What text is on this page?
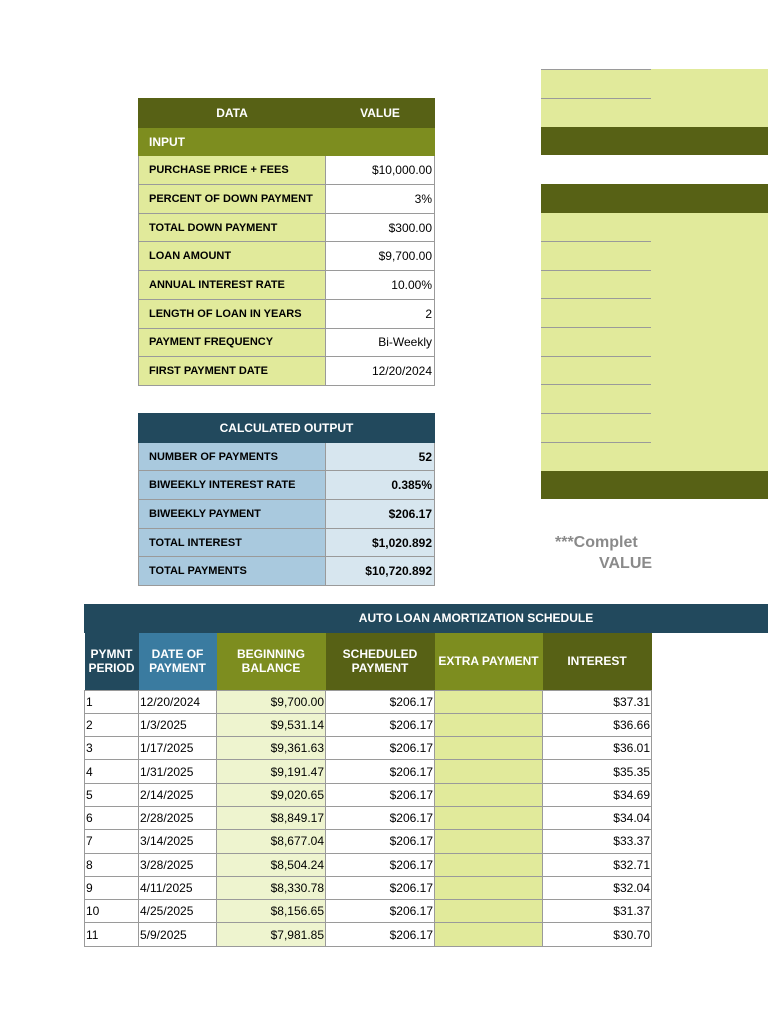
DATA	VALUE
INPUT	
PURCHASE PRICE + FEES	$10,000.00
PERCENT OF DOWN PAYMENT	3%
TOTAL DOWN PAYMENT	$300.00
LOAN AMOUNT	$9,700.00
ANNUAL INTEREST RATE	10.00%
LENGTH OF LOAN IN YEARS	2
PAYMENT FREQUENCY	Bi-Weekly
FIRST PAYMENT DATE	12/20/2024
CALCULATED OUTPUT	
NUMBER OF PAYMENTS	52
BIWEEKLY INTEREST RATE	0.385%
BIWEEKLY PAYMENT	$206.17
TOTAL INTEREST	$1,020.892
TOTAL PAYMENTS	$10,720.892
***Complet
VALUE
AUTO LOAN AMORTIZATION SCHEDULE
PYMNT PERIOD	DATE OF PAYMENT	BEGINNING BALANCE	SCHEDULED PAYMENT	EXTRA PAYMENT	INTEREST
1	12/20/2024	$9,700.00	$206.17		$37.31
2	1/3/2025	$9,531.14	$206.17		$36.66
3	1/17/2025	$9,361.63	$206.17		$36.01
4	1/31/2025	$9,191.47	$206.17		$35.35
5	2/14/2025	$9,020.65	$206.17		$34.69
6	2/28/2025	$8,849.17	$206.17		$34.04
7	3/14/2025	$8,677.04	$206.17		$33.37
8	3/28/2025	$8,504.24	$206.17		$32.71
9	4/11/2025	$8,330.78	$206.17		$32.04
10	4/25/2025	$8,156.65	$206.17		$31.37
11	5/9/2025	$7,981.85	$206.17		$30.70
